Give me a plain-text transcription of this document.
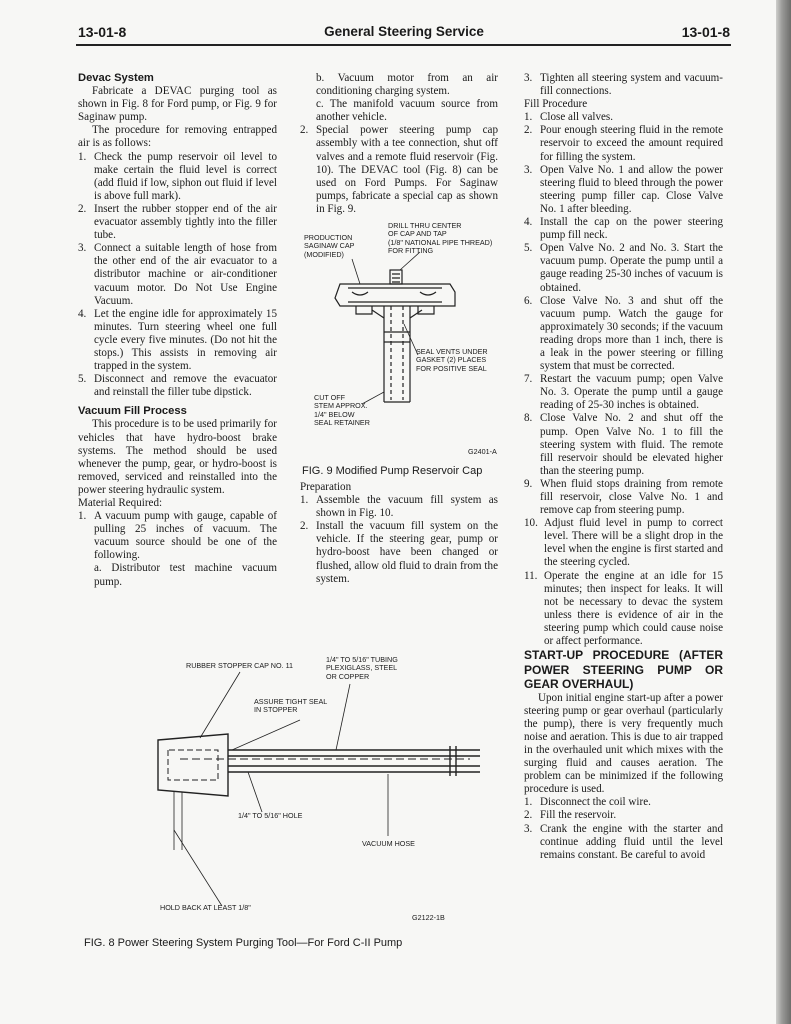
13-01-8	General Steering Service	13-01-8

Devac System

Fabricate a DEVAC purging tool as shown in Fig. 8 for Ford pump, or Fig. 9 for Saginaw pump.

The procedure for removing entrapped air is as follows:

1. Check the pump reservoir oil level to make certain the fluid level is correct (add fluid if low, siphon out fluid if level is above full mark).
2. Insert the rubber stopper end of the air evacuator assembly tightly into the filler tube.
3. Connect a suitable length of hose from the other end of the air evacuator to a distributor machine or air-conditioner vacuum motor. Do Not Use Engine Vacuum.
4. Let the engine idle for approximately 15 minutes. Turn steering wheel one full cycle every five minutes. (Do not hit the stops.) This assists in removing air trapped in the system.
5. Disconnect and remove the evacuator and reinstall the filler tube dipstick.

Vacuum Fill Process

This procedure is to be used primarily for vehicles that have hydro-boost brake systems. The method should be used whenever the pump, gear, or hydro-boost is removed, serviced and reinstalled into the power steering hydraulic system.

Material Required:

1. A vacuum pump with gauge, capable of pulling 25 inches of vacuum. The vacuum source should be one of the following.

a. Distributor test machine vacuum pump.

b. Vacuum motor from an air conditioning charging system.

c. The manifold vacuum source from another vehicle.

2. Special power steering pump cap assembly with a tee connection, shut off valves and a remote fluid reservoir (Fig. 10). The DEVAC tool (Fig. 8) can be used on Ford Pumps. For Saginaw pumps, fabricate a special cap as shown in Fig. 9.
DRILL THRU CENTER
OF CAP AND TAP
(1/8" NATIONAL PIPE THREAD)
FOR FITTING
PRODUCTION
SAGINAW CAP
(MODIFIED)
SEAL VENTS UNDER
GASKET (2) PLACES
FOR POSITIVE SEAL
CUT OFF
STEM APPROX.
1/4" BELOW
SEAL RETAINER
G2401-A
FIG. 9 Modified Pump Reservoir Cap

Preparation

1. Assemble the vacuum fill system as shown in Fig. 10.
2. Install the vacuum fill system on the vehicle. If the steering gear, pump or hydro-boost have been changed or flushed, allow old fluid to drain from the system.
3. Tighten all steering system and vacuum-fill connections.

Fill Procedure

1. Close all valves.
2. Pour enough steering fluid in the remote reservoir to exceed the amount required for filling the system.
3. Open Valve No. 1 and allow the power steering fluid to bleed through the power steering pump filler cap. Close Valve No. 1 after bleeding.
4. Install the cap on the power steering pump fill neck.
5. Open Valve No. 2 and No. 3. Start the vacuum pump. Operate the pump until a gauge reading 25-30 inches of vacuum is obtained.
6. Close Valve No. 3 and shut off the vacuum pump. Watch the gauge for approximately 30 seconds; if the vacuum reading drops more than 1 inch, there is a leak in the power steering or filling system that must be corrected.
7. Restart the vacuum pump; open Valve No. 3. Operate the pump until a gauge reading of 25-30 inches is obtained.
8. Close Valve No. 2 and shut off the pump. Open Valve No. 1 to fill the steering system with fluid. The remote fill reservoir should be elevated higher than the steering pump.
9. When fluid stops draining from remote fill reservoir, close Valve No. 1 and remove cap from steering pump.
10. Adjust fluid level in pump to correct level. There will be a slight drop in the level when the engine is first started and the steering cycled.
11. Operate the engine at an idle for 15 minutes; then inspect for leaks. It will not be necessary to devac the system unless there is evidence of air in the steering pump which could cause noise or affect performance.

START-UP PROCEDURE (AFTER POWER STEERING PUMP OR GEAR OVERHAUL)

Upon initial engine start-up after a power steering pump or gear overhaul (particularly the pump), there is very frequently much noise and aeration. This is due to air trapped in the overhauled unit which mixes with the surging fluid and causes aeration. The problem can be minimized if the following procedure is used.

1. Disconnect the coil wire.
2. Fill the reservoir.
3. Crank the engine with the starter and continue adding fluid until the level remains constant. Be careful to avoid
RUBBER STOPPER CAP NO. 11
1/4" TO 5/16" TUBING
PLEXIGLASS, STEEL
OR COPPER
ASSURE TIGHT SEAL
IN STOPPER
1/4" TO 5/16" HOLE
VACUUM HOSE
HOLD BACK AT LEAST 1/8"
G2122-1B
FIG. 8 Power Steering System Purging Tool—For Ford C-II Pump
